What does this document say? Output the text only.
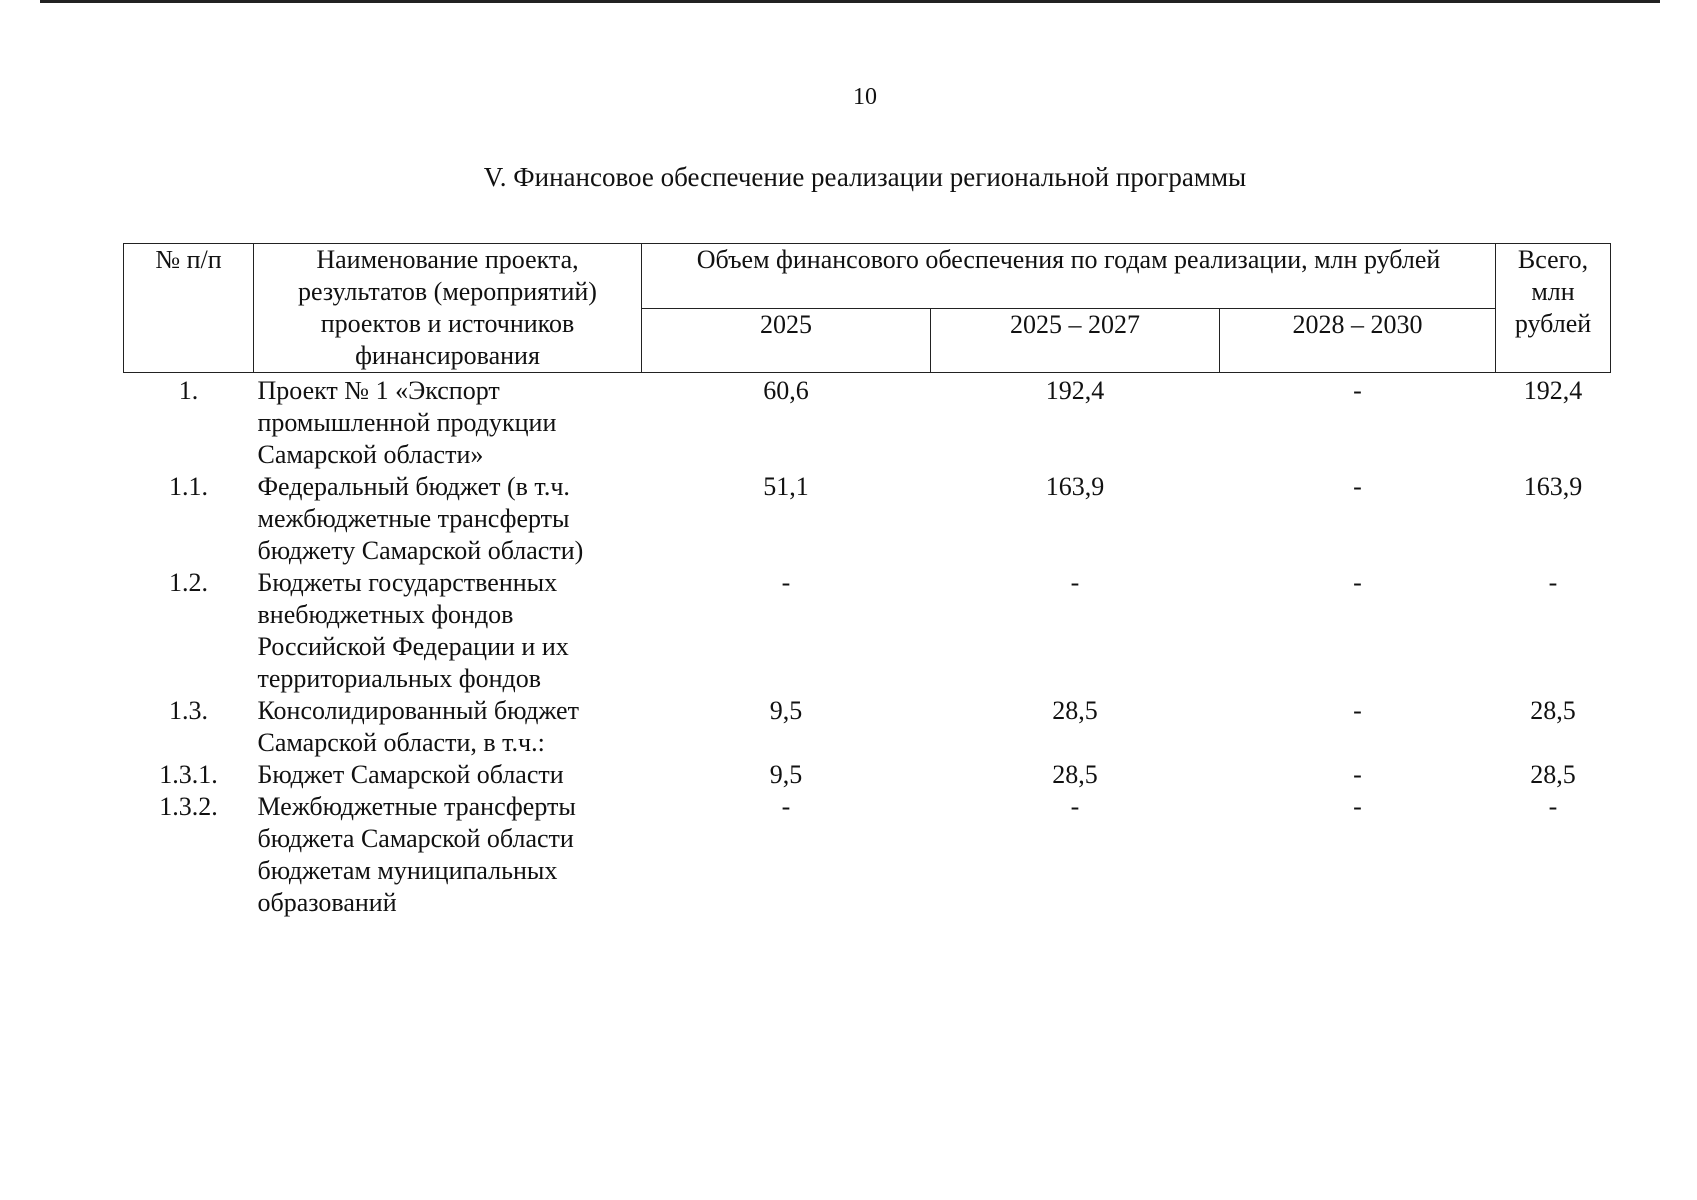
10
V. Финансовое обеспечение реализации региональной программы
№ п/п	Наименование проекта, результатов (мероприятий) проектов и источников финансирования	Объем финансового обеспечения по годам реализации, млн рублей			Всего, млн рублей
		2025	2025 – 2027	2028 – 2030	
1.	Проект № 1 «Экспорт промышленной продукции Самарской области»	60,6	192,4	-	192,4
1.1.	Федеральный бюджет (в т.ч. межбюджетные трансферты бюджету Самарской области)	51,1	163,9	-	163,9
1.2.	Бюджеты государственных внебюджетных фондов Российской Федерации и их территориальных фондов	-	-	-	-
1.3.	Консолидированный бюджет Самарской области, в т.ч.:	9,5	28,5	-	28,5
1.3.1.	Бюджет Самарской области	9,5	28,5	-	28,5
1.3.2.	Межбюджетные трансферты бюджета Самарской области бюджетам муниципальных образований	-	-	-	-
